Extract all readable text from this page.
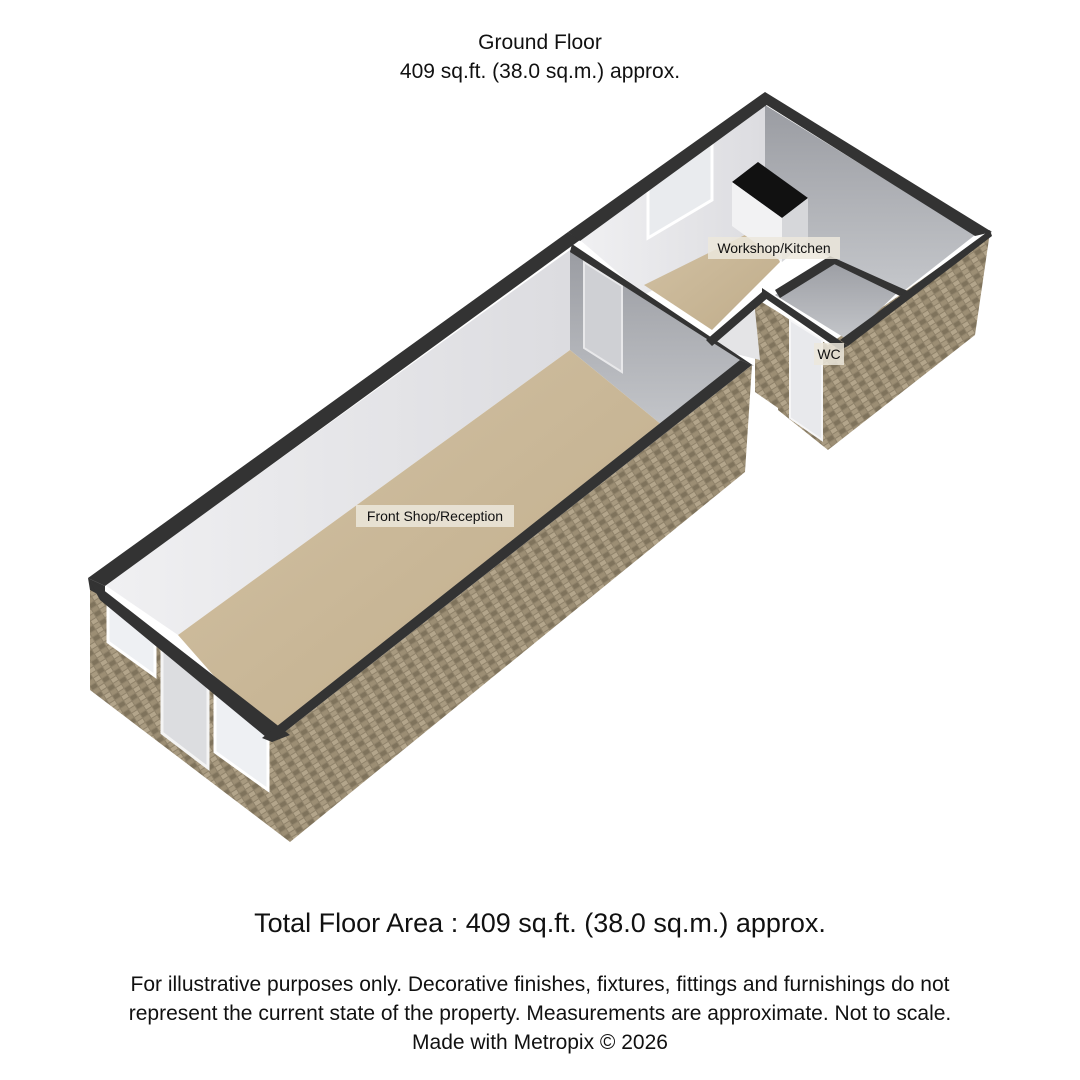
Ground Floor
409 sq.ft. (38.0 sq.m.) approx.
Workshop/Kitchen
WC
Front Shop/Reception
Total Floor Area : 409 sq.ft. (38.0 sq.m.) approx.
For illustrative purposes only. Decorative finishes, fixtures, fittings and furnishings do not
represent the current state of the property. Measurements are approximate. Not to scale.
Made with Metropix © 2026
